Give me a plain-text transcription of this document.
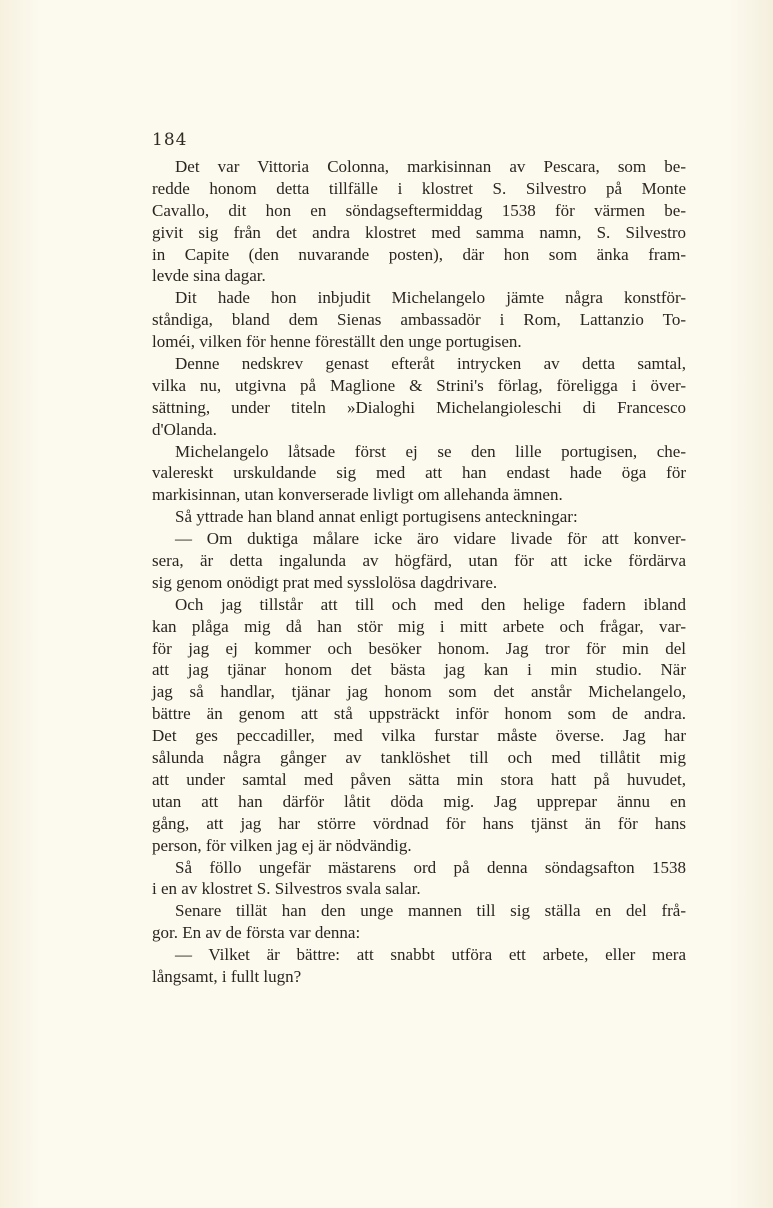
184
Det var Vittoria Colonna, markisinnan av Pescara, som be-
redde honom detta tillfälle i klostret S. Silvestro på Monte
Cavallo, dit hon en söndagseftermiddag 1538 för värmen be-
givit sig från det andra klostret med samma namn, S. Silvestro
in Capite (den nuvarande posten), där hon som änka fram-
levde sina dagar.
Dit hade hon inbjudit Michelangelo jämte några konstför-
ståndiga, bland dem Sienas ambassadör i Rom, Lattanzio To-
loméi, vilken för henne föreställt den unge portugisen.
Denne nedskrev genast efteråt intrycken av detta samtal,
vilka nu, utgivna på Maglione & Strini's förlag, föreligga i över-
sättning, under titeln »Dialoghi Michelangioleschi di Francesco
d'Olanda.
Michelangelo låtsade först ej se den lille portugisen, che-
valereskt urskuldande sig med att han endast hade öga för
markisinnan, utan konverserade livligt om allehanda ämnen.
Så yttrade han bland annat enligt portugisens anteckningar:
— Om duktiga målare icke äro vidare livade för att konver-
sera, är detta ingalunda av högfärd, utan för att icke fördärva
sig genom onödigt prat med sysslolösa dagdrivare.
Och jag tillstår att till och med den helige fadern ibland
kan plåga mig då han stör mig i mitt arbete och frågar, var-
för jag ej kommer och besöker honom. Jag tror för min del
att jag tjänar honom det bästa jag kan i min studio. När
jag så handlar, tjänar jag honom som det anstår Michelangelo,
bättre än genom att stå uppsträckt inför honom som de andra.
Det ges peccadiller, med vilka furstar måste överse. Jag har
sålunda några gånger av tanklöshet till och med tillåtit mig
att under samtal med påven sätta min stora hatt på huvudet,
utan att han därför låtit döda mig. Jag upprepar ännu en
gång, att jag har större vördnad för hans tjänst än för hans
person, för vilken jag ej är nödvändig.
Så föllo ungefär mästarens ord på denna söndagsafton 1538
i en av klostret S. Silvestros svala salar.
Senare tillät han den unge mannen till sig ställa en del frå-
gor. En av de första var denna:
— Vilket är bättre: att snabbt utföra ett arbete, eller mera
långsamt, i fullt lugn?
